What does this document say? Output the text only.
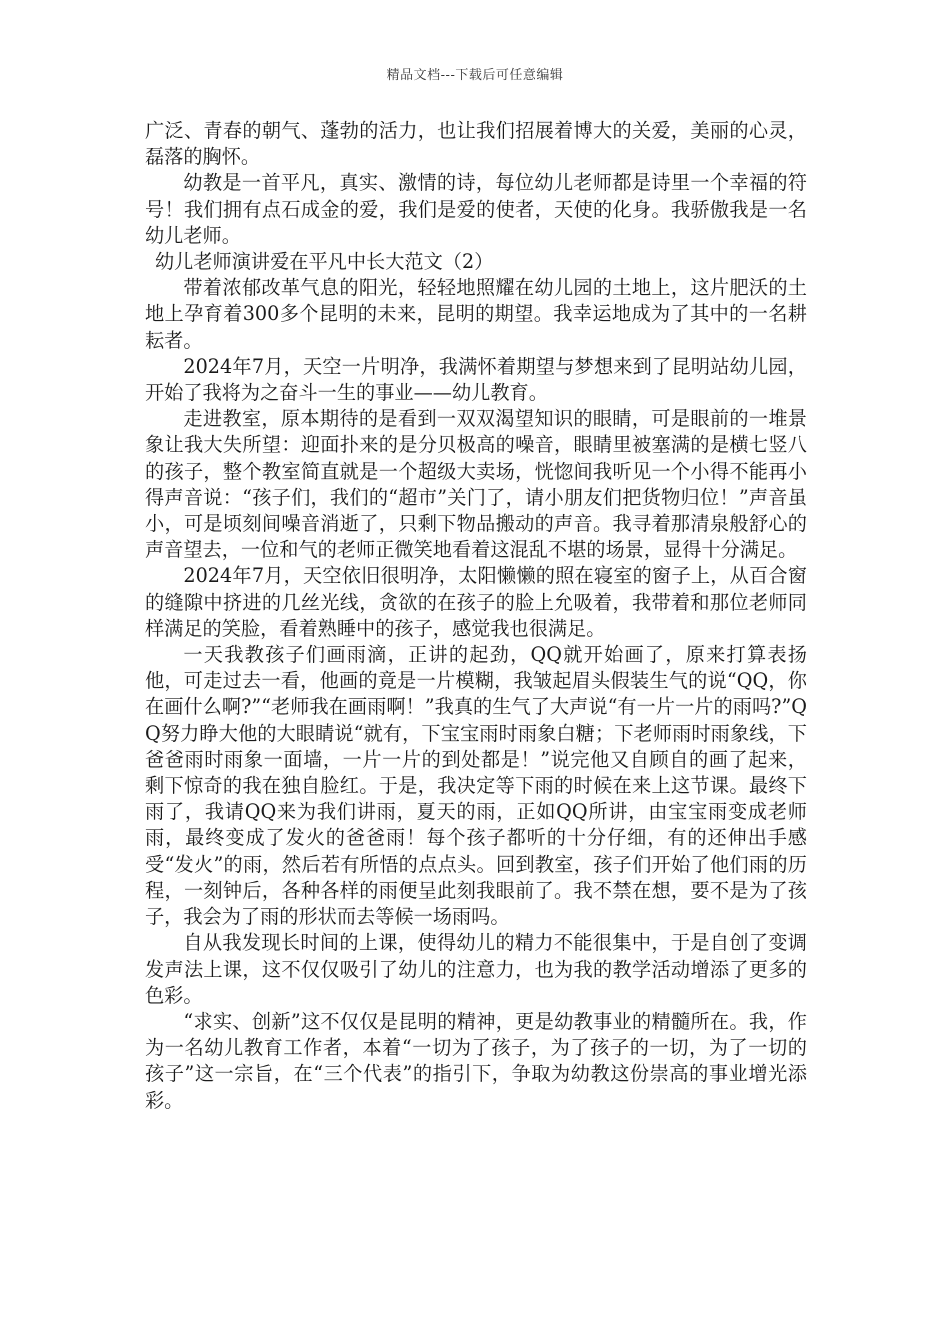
精品文档---下载后可任意编辑

广泛、青春的朝气、蓬勃的活力，也让我们招展着博大的关爱，美丽的心灵，磊落的胸怀。

幼教是一首平凡，真实、激情的诗，每位幼儿老师都是诗里一个幸福的符号！我们拥有点石成金的爱，我们是爱的使者，天使的化身。我骄傲我是一名幼儿老师。

幼儿老师演讲爱在平凡中长大范文（2）

带着浓郁改革气息的阳光，轻轻地照耀在幼儿园的土地上，这片肥沃的土地上孕育着300多个昆明的未来，昆明的期望。我幸运地成为了其中的一名耕耘者。

2024年7月，天空一片明净，我满怀着期望与梦想来到了昆明站幼儿园，开始了我将为之奋斗一生的事业——幼儿教育。

走进教室，原本期待的是看到一双双渴望知识的眼睛，可是眼前的一堆景象让我大失所望：迎面扑来的是分贝极高的噪音，眼睛里被塞满的是横七竖八的孩子，整个教室简直就是一个超级大卖场，恍惚间我听见一个小得不能再小得声音说：“孩子们，我们的“超市”关门了，请小朋友们把货物归位！”声音虽小，可是顷刻间噪音消逝了，只剩下物品搬动的声音。我寻着那清泉般舒心的声音望去，一位和气的老师正微笑地看着这混乱不堪的场景，显得十分满足。

2024年7月，天空依旧很明净，太阳懒懒的照在寝室的窗子上，从百合窗的缝隙中挤进的几丝光线，贪欲的在孩子的脸上允吸着，我带着和那位老师同样满足的笑脸，看着熟睡中的孩子，感觉我也很满足。

一天我教孩子们画雨滴，正讲的起劲，QQ就开始画了，原来打算表扬他，可走过去一看，他画的竟是一片模糊，我皱起眉头假装生气的说“QQ，你在画什么啊?”“老师我在画雨啊！”我真的生气了大声说“有一片一片的雨吗?”QQ努力睁大他的大眼睛说“就有，下宝宝雨时雨象白糖；下老师雨时雨象线，下爸爸雨时雨象一面墙，一片一片的到处都是！”说完他又自顾自的画了起来，剩下惊奇的我在独自脸红。于是，我决定等下雨的时候在来上这节课。最终下雨了，我请QQ来为我们讲雨，夏天的雨，正如QQ所讲，由宝宝雨变成老师雨，最终变成了发火的爸爸雨！每个孩子都听的十分仔细，有的还伸出手感受“发火”的雨，然后若有所悟的点点头。回到教室，孩子们开始了他们雨的历程，一刻钟后，各种各样的雨便呈此刻我眼前了。我不禁在想，要不是为了孩子，我会为了雨的形状而去等候一场雨吗。

自从我发现长时间的上课，使得幼儿的精力不能很集中，于是自创了变调发声法上课，这不仅仅吸引了幼儿的注意力，也为我的教学活动增添了更多的色彩。

“求实、创新”这不仅仅是昆明的精神，更是幼教事业的精髓所在。我，作为一名幼儿教育工作者，本着“一切为了孩子，为了孩子的一切，为了一切的孩子”这一宗旨，在“三个代表”的指引下，争取为幼教这份崇高的事业增光添彩。
